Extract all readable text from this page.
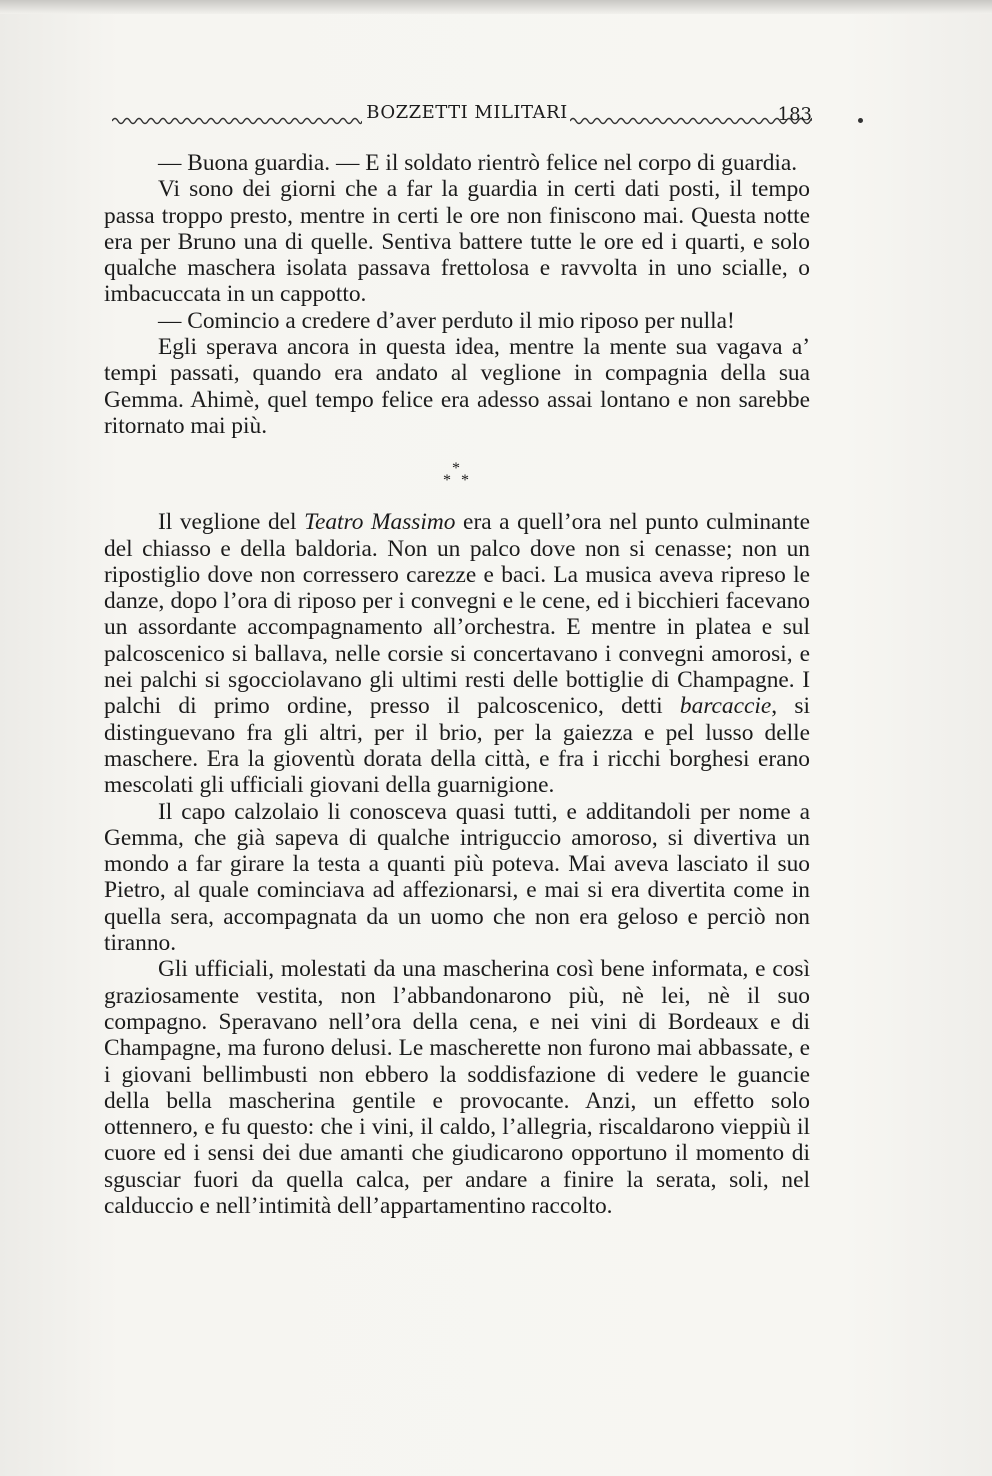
BOZZETTI MILITARI	183

— Buona guardia. — E il soldato rientrò felice nel corpo di guardia.

Vi sono dei giorni che a far la guardia in certi dati posti, il tempo passa troppo presto, mentre in certi le ore non finiscono mai. Questa notte era per Bruno una di quelle. Sentiva battere tutte le ore ed i quarti, e solo qualche maschera isolata passava frettolosa e ravvolta in uno scialle, o imbacuccata in un cappotto.

— Comincio a credere d’aver perduto il mio riposo per nulla!

Egli sperava ancora in questa idea, mentre la mente sua vagava a’ tempi passati, quando era andato al veglione in compagnia della sua Gemma. Ahimè, quel tempo felice era adesso assai lontano e non sarebbe ritornato mai più.

*
* *

Il veglione del Teatro Massimo era a quell’ora nel punto culminante del chiasso e della baldoria. Non un palco dove non si cenasse; non un ripostiglio dove non corressero carezze e baci. La musica aveva ripreso le danze, dopo l’ora di riposo per i convegni e le cene, ed i bicchieri facevano un assordante accompagnamento all’orchestra. E mentre in platea e sul palcoscenico si ballava, nelle corsie si concertavano i convegni amorosi, e nei palchi si sgocciolavano gli ultimi resti delle bottiglie di Champagne. I palchi di primo ordine, presso il palcoscenico, detti barcaccie, si distinguevano fra gli altri, per il brio, per la gaiezza e pel lusso delle maschere. Era la gioventù dorata della città, e fra i ricchi borghesi erano mescolati gli ufficiali giovani della guarnigione.

Il capo calzolaio li conosceva quasi tutti, e additandoli per nome a Gemma, che già sapeva di qualche intriguccio amoroso, si divertiva un mondo a far girare la testa a quanti più poteva. Mai aveva lasciato il suo Pietro, al quale cominciava ad affezionarsi, e mai si era divertita come in quella sera, accompagnata da un uomo che non era geloso e perciò non tiranno.

Gli ufficiali, molestati da una mascherina così bene informata, e così graziosamente vestita, non l’abbandonarono più, nè lei, nè il suo compagno. Speravano nell’ora della cena, e nei vini di Bordeaux e di Champagne, ma furono delusi. Le mascherette non furono mai abbassate, e i giovani bellimbusti non ebbero la soddisfazione di vedere le guancie della bella mascherina gentile e provocante. Anzi, un effetto solo ottennero, e fu questo: che i vini, il caldo, l’allegria, riscaldarono vieppiù il cuore ed i sensi dei due amanti che giudicarono opportuno il momento di sgusciar fuori da quella calca, per andare a finire la serata, soli, nel calduccio e nell’intimità dell’appartamentino raccolto.
